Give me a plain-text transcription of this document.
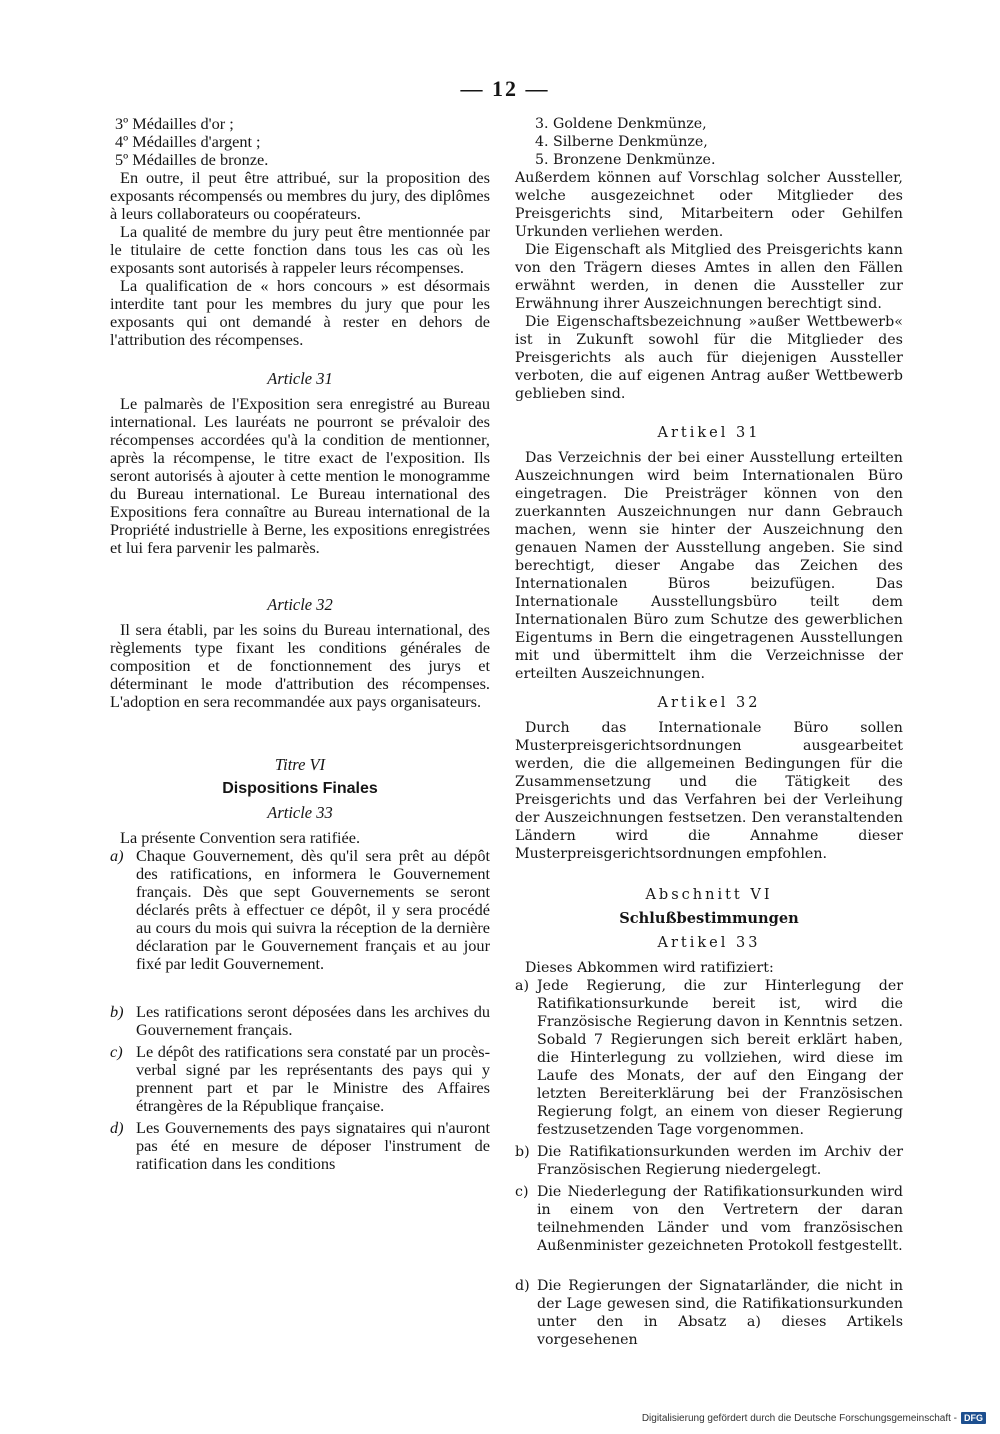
— 12 —

3º Médailles d'or ;

4º Médailles d'argent ;

5º Médailles de bronze.

En outre, il peut être attribué, sur la proposition des exposants récompensés ou membres du jury, des diplômes à leurs collaborateurs ou coopérateurs.

La qualité de membre du jury peut être mentionnée par le titulaire de cette fonction dans tous les cas où les exposants sont autorisés à rappeler leurs récompenses.

La qualification de « hors concours » est désormais interdite tant pour les membres du jury que pour les exposants qui ont demandé à rester en dehors de l'attribution des récompenses.

Article 31

Le palmarès de l'Exposition sera enregistré au Bureau international. Les lauréats ne pourront se prévaloir des récompenses accordées qu'à la condition de mentionner, après la récompense, le titre exact de l'exposition. Ils seront autorisés à ajouter à cette mention le monogramme du Bureau international. Le Bureau international des Expositions fera connaître au Bureau international de la Propriété industrielle à Berne, les expositions enregistrées et lui fera parvenir les palmarès.

Article 32

Il sera établi, par les soins du Bureau international, des règlements type fixant les conditions générales de composition et de fonctionnement des jurys et déterminant le mode d'attribution des récompenses. L'adoption en sera recommandée aux pays organisateurs.

Titre VI

Dispositions Finales

Article 33

La présente Convention sera ratifiée.

a) Chaque Gouvernement, dès qu'il sera prêt au dépôt des ratifications, en informera le Gouvernement français. Dès que sept Gouvernements se seront déclarés prêts à effectuer ce dépôt, il y sera procédé au cours du mois qui suivra la réception de la dernière déclaration par le Gouvernement français et au jour fixé par ledit Gouvernement.
b) Les ratifications seront déposées dans les archives du Gouvernement français.
c) Le dépôt des ratifications sera constaté par un procès-verbal signé par les représentants des pays qui y prennent part et par le Ministre des Affaires étrangères de la République française.
d) Les Gouvernements des pays signataires qui n'auront pas été en mesure de déposer l'instrument de ratification dans les conditions

3. Goldene Denkmünze,

4. Silberne Denkmünze,

5. Bronzene Denkmünze.

Außerdem können auf Vorschlag solcher Aussteller, welche ausgezeichnet oder Mitglieder des Preisgerichts sind, Mitarbeitern oder Gehilfen Urkunden verliehen werden.

Die Eigenschaft als Mitglied des Preisgerichts kann von den Trägern dieses Amtes in allen den Fällen erwähnt werden, in denen die Aussteller zur Erwähnung ihrer Auszeichnungen berechtigt sind.

Die Eigenschaftsbezeichnung »außer Wettbewerb« ist in Zukunft sowohl für die Mitglieder des Preisgerichts als auch für diejenigen Aussteller verboten, die auf eigenen Antrag außer Wettbewerb geblieben sind.

Artikel 31

Das Verzeichnis der bei einer Ausstellung erteilten Auszeichnungen wird beim Internationalen Büro eingetragen. Die Preisträger können von den zuerkannten Auszeichnungen nur dann Gebrauch machen, wenn sie hinter der Auszeichnung den genauen Namen der Ausstellung angeben. Sie sind berechtigt, dieser Angabe das Zeichen des Internationalen Büros beizufügen. Das Internationale Ausstellungsbüro teilt dem Internationalen Büro zum Schutze des gewerblichen Eigentums in Bern die eingetragenen Ausstellungen mit und übermittelt ihm die Verzeichnisse der erteilten Auszeichnungen.

Artikel 32

Durch das Internationale Büro sollen Musterpreisgerichtsordnungen ausgearbeitet werden, die die allgemeinen Bedingungen für die Zusammensetzung und die Tätigkeit des Preisgerichts und das Verfahren bei der Verleihung der Auszeichnungen festsetzen. Den veranstaltenden Ländern wird die Annahme dieser Musterpreisgerichtsordnungen empfohlen.

Abschnitt VI

Schlußbestimmungen

Artikel 33

Dieses Abkommen wird ratifiziert:

a) Jede Regierung, die zur Hinterlegung der Ratifikationsurkunde bereit ist, wird die Französische Regierung davon in Kenntnis setzen. Sobald 7 Regierungen sich bereit erklärt haben, die Hinterlegung zu vollziehen, wird diese im Laufe des Monats, der auf den Eingang der letzten Bereiterklärung bei der Französischen Regierung folgt, an einem von dieser Regierung festzusetzenden Tage vorgenommen.
b) Die Ratifikationsurkunden werden im Archiv der Französischen Regierung niedergelegt.
c) Die Niederlegung der Ratifikationsurkunden wird in einem von den Vertretern der daran teilnehmenden Länder und vom französischen Außenminister gezeichneten Protokoll festgestellt.
d) Die Regierungen der Signatarländer, die nicht in der Lage gewesen sind, die Ratifikationsurkunden unter den in Absatz a) dieses Artikels vorgesehenen
Digitalisierung gefördert durch die Deutsche Forschungsgemeinschaft - DFG
